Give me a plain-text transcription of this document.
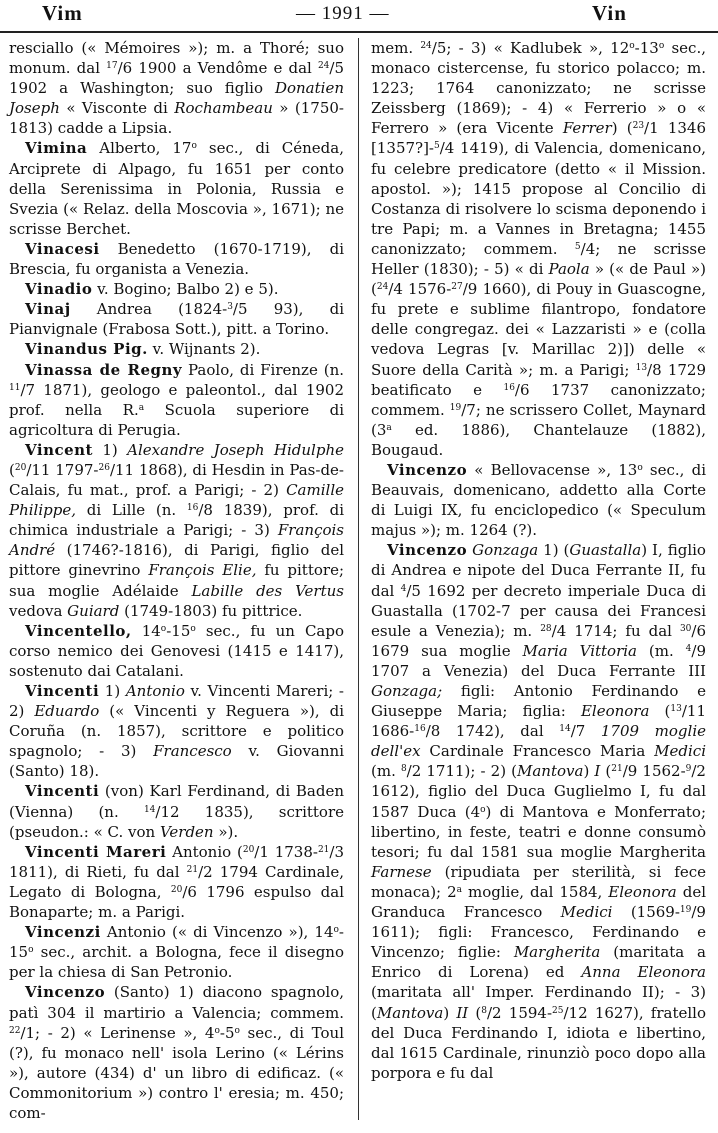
Vim	— 1991 —	Vin

resciallo (« Mémoires »); m. a Thoré; suo monum. dal $^{17}$/6 1900 a Vendôme e dal $^{24}$/5 1902 a Washington; suo figlio Donatien Joseph « Visconte di Rochambeau » (1750-1813) cadde a Lipsia.

Vimina Alberto, 17$^o$ sec., di Céneda, Arciprete di Alpago, fu 1651 per conto della Serenissima in Polonia, Russia e Svezia (« Relaz. della Moscovia », 1671); ne scrisse Berchet.

Vinacesi Benedetto (1670-1719), di Brescia, fu organista a Venezia.

Vinadio v. Bogino; Balbo 2) e 5).

Vinaj Andrea (1824-$^3$/5 93), di Pianvignale (Frabosa Sott.), pitt. a Torino.

Vinandus Pig. v. Wijnants 2).

Vinassa de Regny Paolo, di Firenze (n. $^{11}$/7 1871), geologo e paleontol., dal 1902 prof. nella R.$^a$ Scuola superiore di agricoltura di Perugia.

Vincent 1) Alexandre Joseph Hidulphe ($^{20}$/11 1797-$^{26}$/11 1868), di Hesdin in Pas-de-Calais, fu mat., prof. a Parigi; - 2) Camille Philippe, di Lille (n. $^{16}$/8 1839), prof. di chimica industriale a Parigi; - 3) François André (1746?-1816), di Parigi, figlio del pittore ginevrino François Elie, fu pittore; sua moglie Adélaide Labille des Vertus vedova Guiard (1749-1803) fu pittrice.

Vincentello, 14$^o$-15$^o$ sec., fu un Capo corso nemico dei Genovesi (1415 e 1417), sostenuto dai Catalani.

Vincenti 1) Antonio v. Vincenti Mareri; - 2) Eduardo (« Vincenti y Reguera »), di Coruña (n. 1857), scrittore e politico spagnolo; - 3) Francesco v. Giovanni (Santo) 18).

Vincenti (von) Karl Ferdinand, di Baden (Vienna) (n. $^{14}$/12 1835), scrittore (pseudon.: « C. von Verden »).

Vincenti Mareri Antonio ($^{20}$/1 1738-$^{21}$/3 1811), di Rieti, fu dal $^{21}$/2 1794 Cardinale, Legato di Bologna, $^{20}$/6 1796 espulso dal Bonaparte; m. a Parigi.

Vincenzi Antonio (« di Vincenzo »), 14$^o$-15$^o$ sec., archit. a Bologna, fece il disegno per la chiesa di San Petronio.

Vincenzo (Santo) 1) diacono spagnolo, patì 304 il martirio a Valencia; commem. $^{22}$/1; - 2) « Lerinense », 4$^o$-5$^o$ sec., di Toul (?), fu monaco nell' isola Lerino (« Lérins »), autore (434) d' un libro di edificaz. (« Commonitorium ») contro l' eresia; m. 450; com-

mem. $^{24}$/5; - 3) « Kadlubek », 12$^o$-13$^o$ sec., monaco cistercense, fu storico polacco; m. 1223; 1764 canonizzato; ne scrisse Zeissberg (1869); - 4) « Ferrerio » o « Ferrero » (era Vicente Ferrer) ($^{23}$/1 1346 [1357?]-$^5$/4 1419), di Valencia, domenicano, fu celebre predicatore (detto « il Mission. apostol. »); 1415 propose al Concilio di Costanza di risolvere lo scisma deponendo i tre Papi; m. a Vannes in Bretagna; 1455 canonizzato; commem. $^5$/4; ne scrisse Heller (1830); - 5) « di Paola » (« de Paul ») ($^{24}$/4 1576-$^{27}$/9 1660), di Pouy in Guascogne, fu prete e sublime filantropo, fondatore delle congregaz. dei « Lazzaristi » e (colla vedova Legras [v. Marillac 2)]) delle « Suore della Carità »; m. a Parigi; $^{13}$/8 1729 beatificato e $^{16}$/6 1737 canonizzato; commem. $^{19}$/7; ne scrissero Collet, Maynard (3$^a$ ed. 1886), Chantelauze (1882), Bougaud.

Vincenzo « Bellovacense », 13$^o$ sec., di Beauvais, domenicano, addetto alla Corte di Luigi IX, fu enciclopedico (« Speculum majus »); m. 1264 (?).

Vincenzo Gonzaga 1) (Guastalla) I, figlio di Andrea e nipote del Duca Ferrante II, fu dal $^4$/5 1692 per decreto imperiale Duca di Guastalla (1702-7 per causa dei Francesi esule a Venezia); m. $^{28}$/4 1714; fu dal $^{30}$/6 1679 sua moglie Maria Vittoria (m. $^4$/9 1707 a Venezia) del Duca Ferrante III Gonzaga; figli: Antonio Ferdinando e Giuseppe Maria; figlia: Eleonora ($^{13}$/11 1686-$^{16}$/8 1742), dal $^{14}$/7 1709 moglie dell'ex Cardinale Francesco Maria Medici (m. $^8$/2 1711); - 2) (Mantova) I ($^{21}$/9 1562-$^9$/2 1612), figlio del Duca Guglielmo I, fu dal 1587 Duca (4$^o$) di Mantova e Monferrato; libertino, in feste, teatri e donne consumò tesori; fu dal 1581 sua moglie Margherita Farnese (ripudiata per sterilità, si fece monaca); 2$^a$ moglie, dal 1584, Eleonora del Granduca Francesco Medici (1569-$^{19}$/9 1611); figli: Francesco, Ferdinando e Vincenzo; figlie: Margherita (maritata a Enrico di Lorena) ed Anna Eleonora (maritata all' Imper. Ferdinando II); - 3) (Mantova) II ($^8$/2 1594-$^{25}$/12 1627), fratello del Duca Ferdinando I, idiota e libertino, dal 1615 Cardinale, rinunziò poco dopo alla porpora e fu dal
